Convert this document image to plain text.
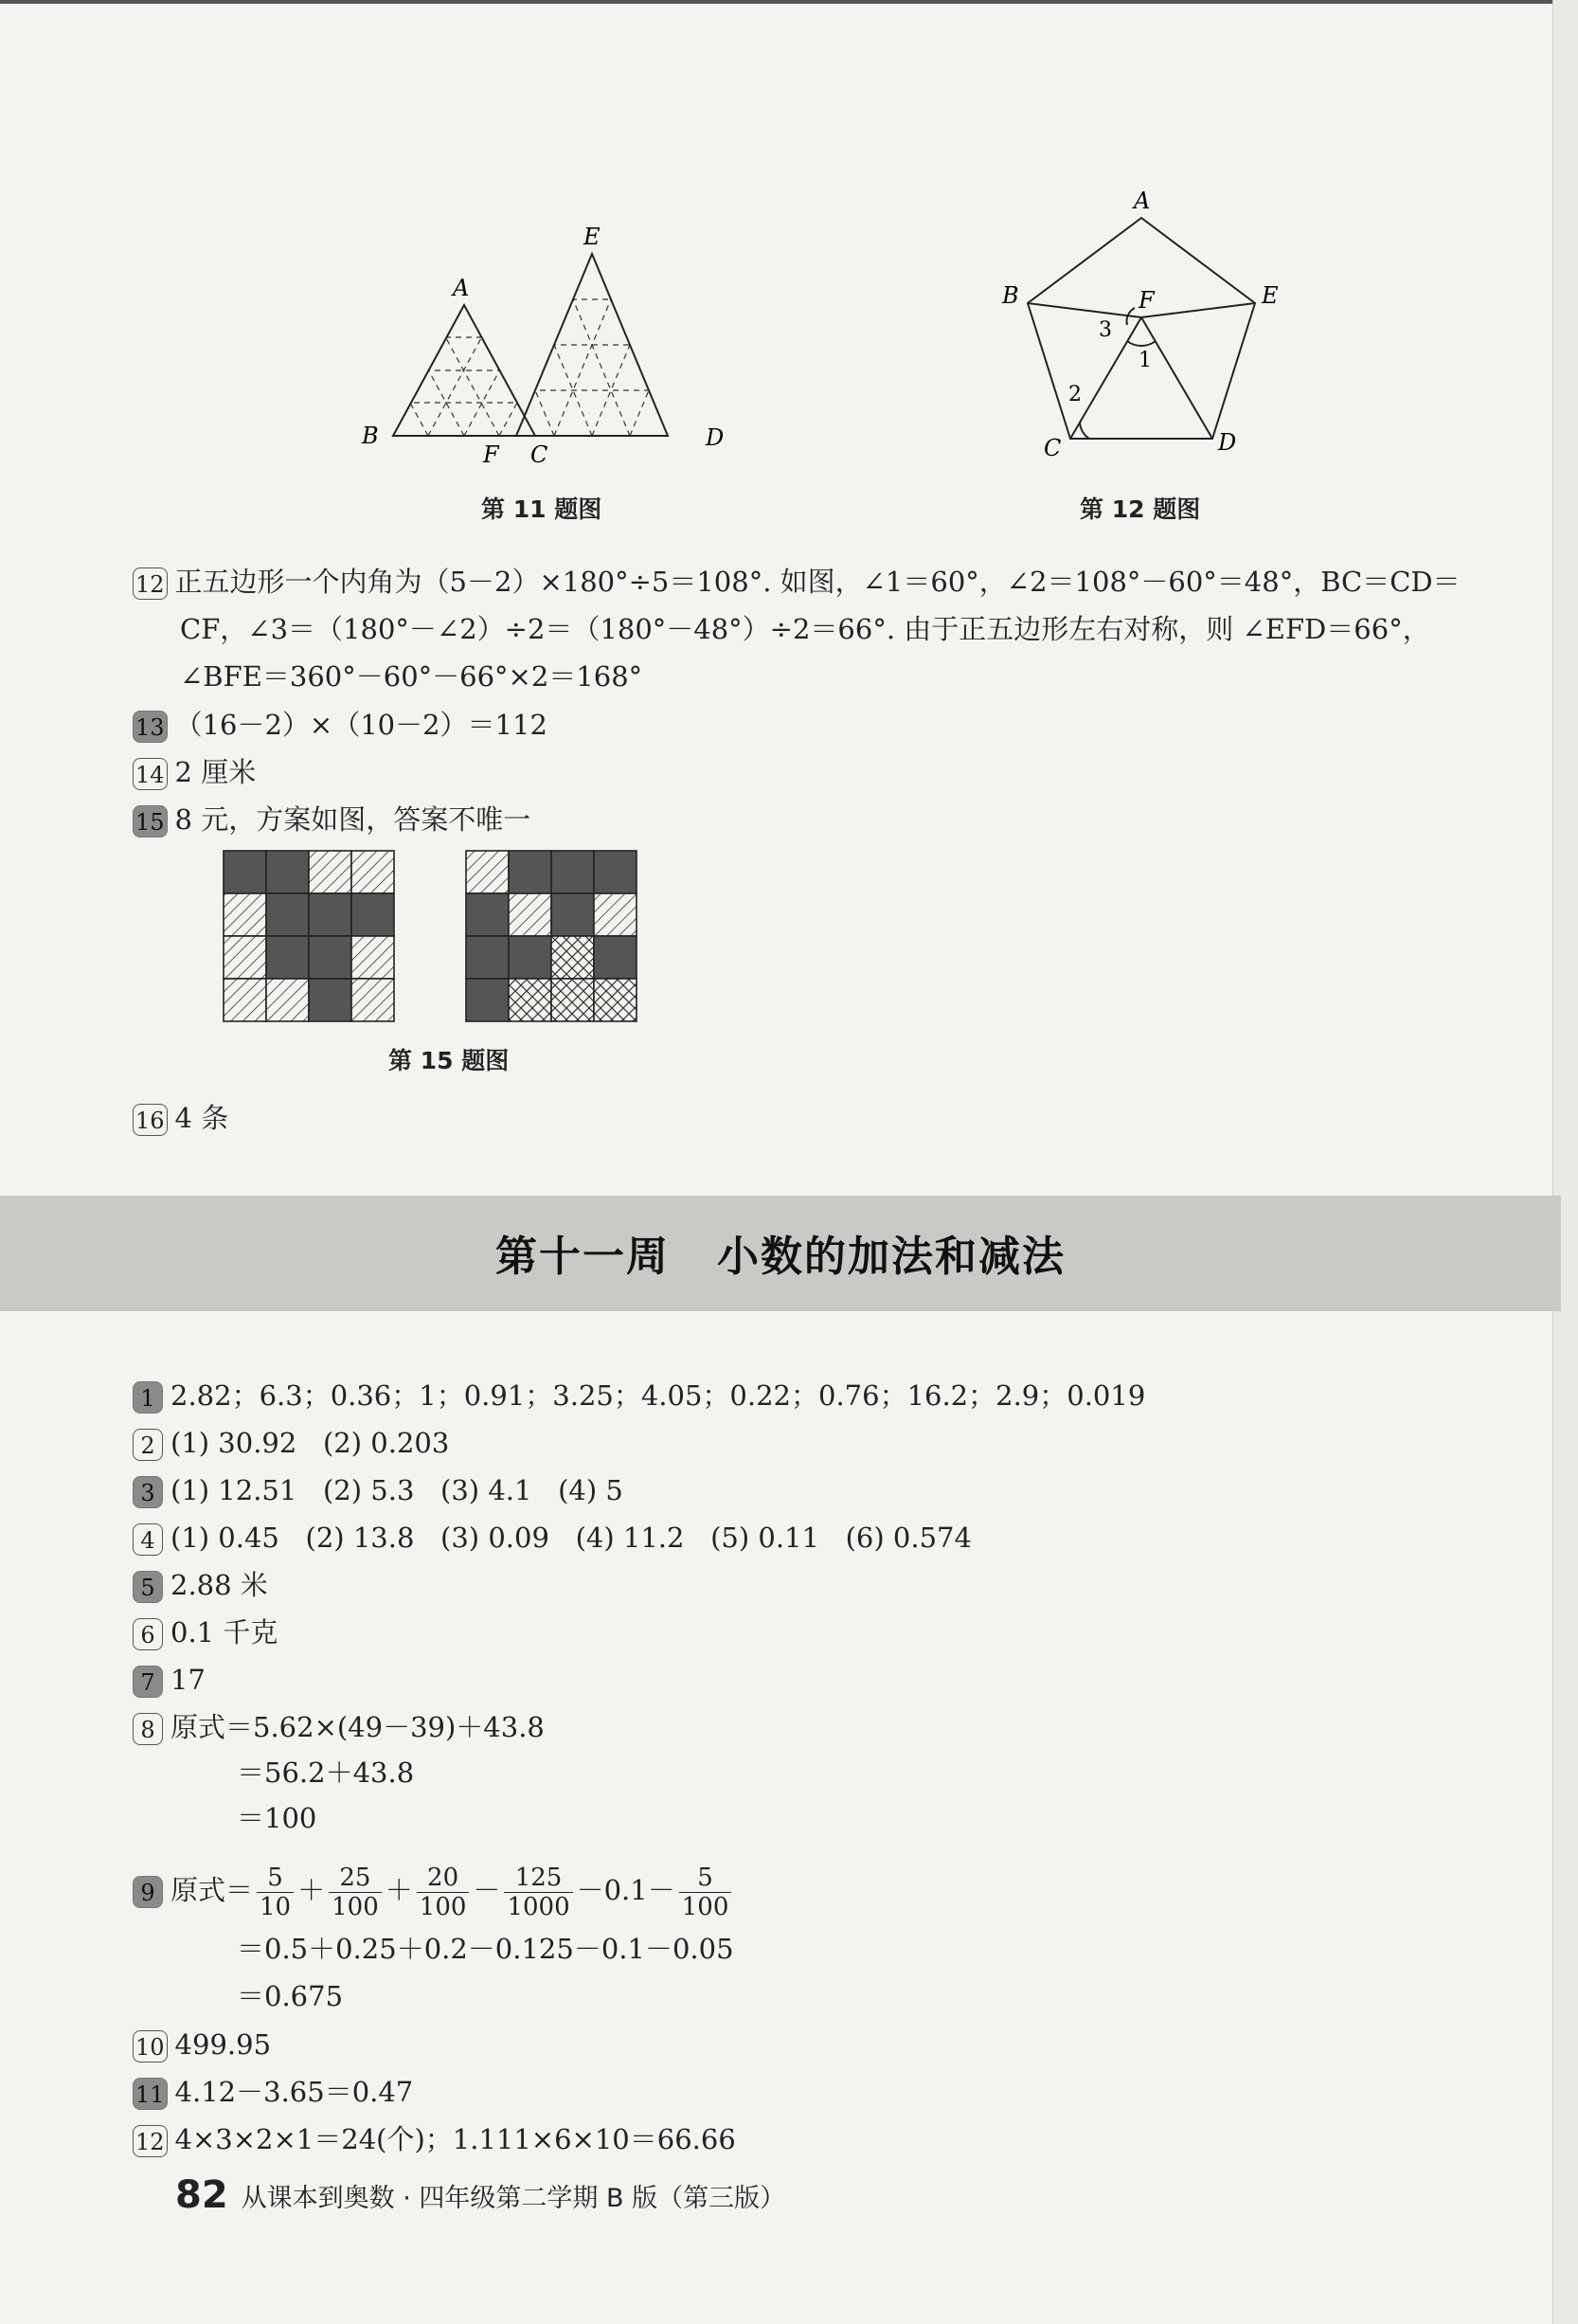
A
E
B
F C
D
第 11 题图
A
B	E
F
C	D
1
2
3
第 12 题图
12 正五边形一个内角为（5－2）×180°÷5＝108°. 如图，∠1＝60°，∠2＝108°－60°＝48°，BC＝CD＝
CF，∠3＝（180°－∠2）÷2＝（180°－48°）÷2＝66°. 由于正五边形左右对称，则 ∠EFD＝66°，
∠BFE＝360°－60°－66°×2＝168°
13 （16－2）×（10－2）＝112
14 2 厘米
15 8 元，方案如图，答案不唯一
第 15 题图
16 4 条
第十一周 小数的加法和减法
1 2.82；6.3；0.36；1；0.91；3.25；4.05；0.22；0.76；16.2；2.9；0.019
2 (1) 30.92   (2) 0.203
3 (1) 12.51   (2) 5.3   (3) 4.1   (4) 5
4 (1) 0.45   (2) 13.8   (3) 0.09   (4) 11.2   (5) 0.11   (6) 0.574
5 2.88 米
6 0.1 千克
7 17
8 原式＝5.62×(49－39)＋43.8
＝56.2＋43.8
＝100
9 原式＝ $\frac{5}{10} + \frac{25}{100} + \frac{20}{100} - \frac{125}{1000} -0.1- \frac{5}{100}$
＝0.5＋0.25＋0.2－0.125－0.1－0.05
＝0.675
10 499.95
11 4.12－3.65＝0.47
12 4×3×2×1＝24(个)；1.111×6×10＝66.66
82 从课本到奥数 · 四年级第二学期 B 版（第三版）
